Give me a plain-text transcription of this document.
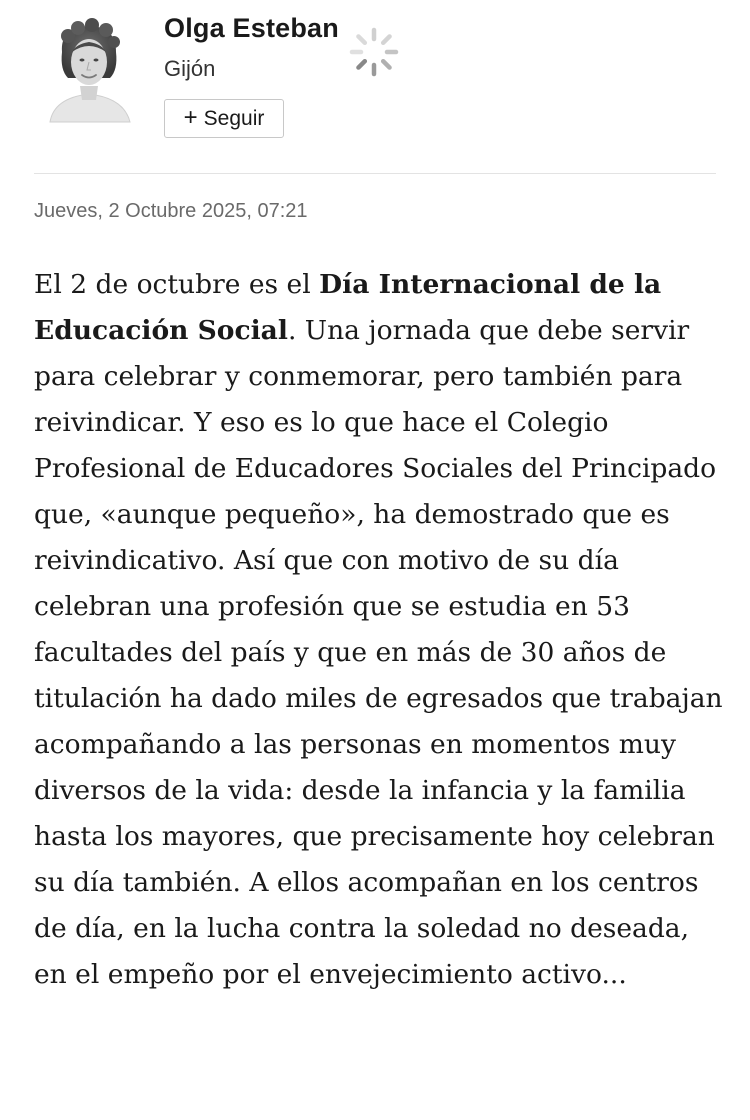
Olga Esteban
Gijón
+ Seguir
Jueves, 2 Octubre 2025, 07:21

El 2 de octubre es el Día Internacional de la Educación Social. Una jornada que debe servir para celebrar y conmemorar, pero también para reivindicar. Y eso es lo que hace el Colegio Profesional de Educadores Sociales del Principado que, «aunque pequeño», ha demostrado que es reivindicativo. Así que con motivo de su día celebran una profesión que se estudia en 53 facultades del país y que en más de 30 años de titulación ha dado miles de egresados que trabajan acompañando a las personas en momentos muy diversos de la vida: desde la infancia y la familia hasta los mayores, que precisamente hoy celebran su día también. A ellos acompañan en los centros de día, en la lucha contra la soledad no deseada, en el empeño por el envejecimiento activo...
